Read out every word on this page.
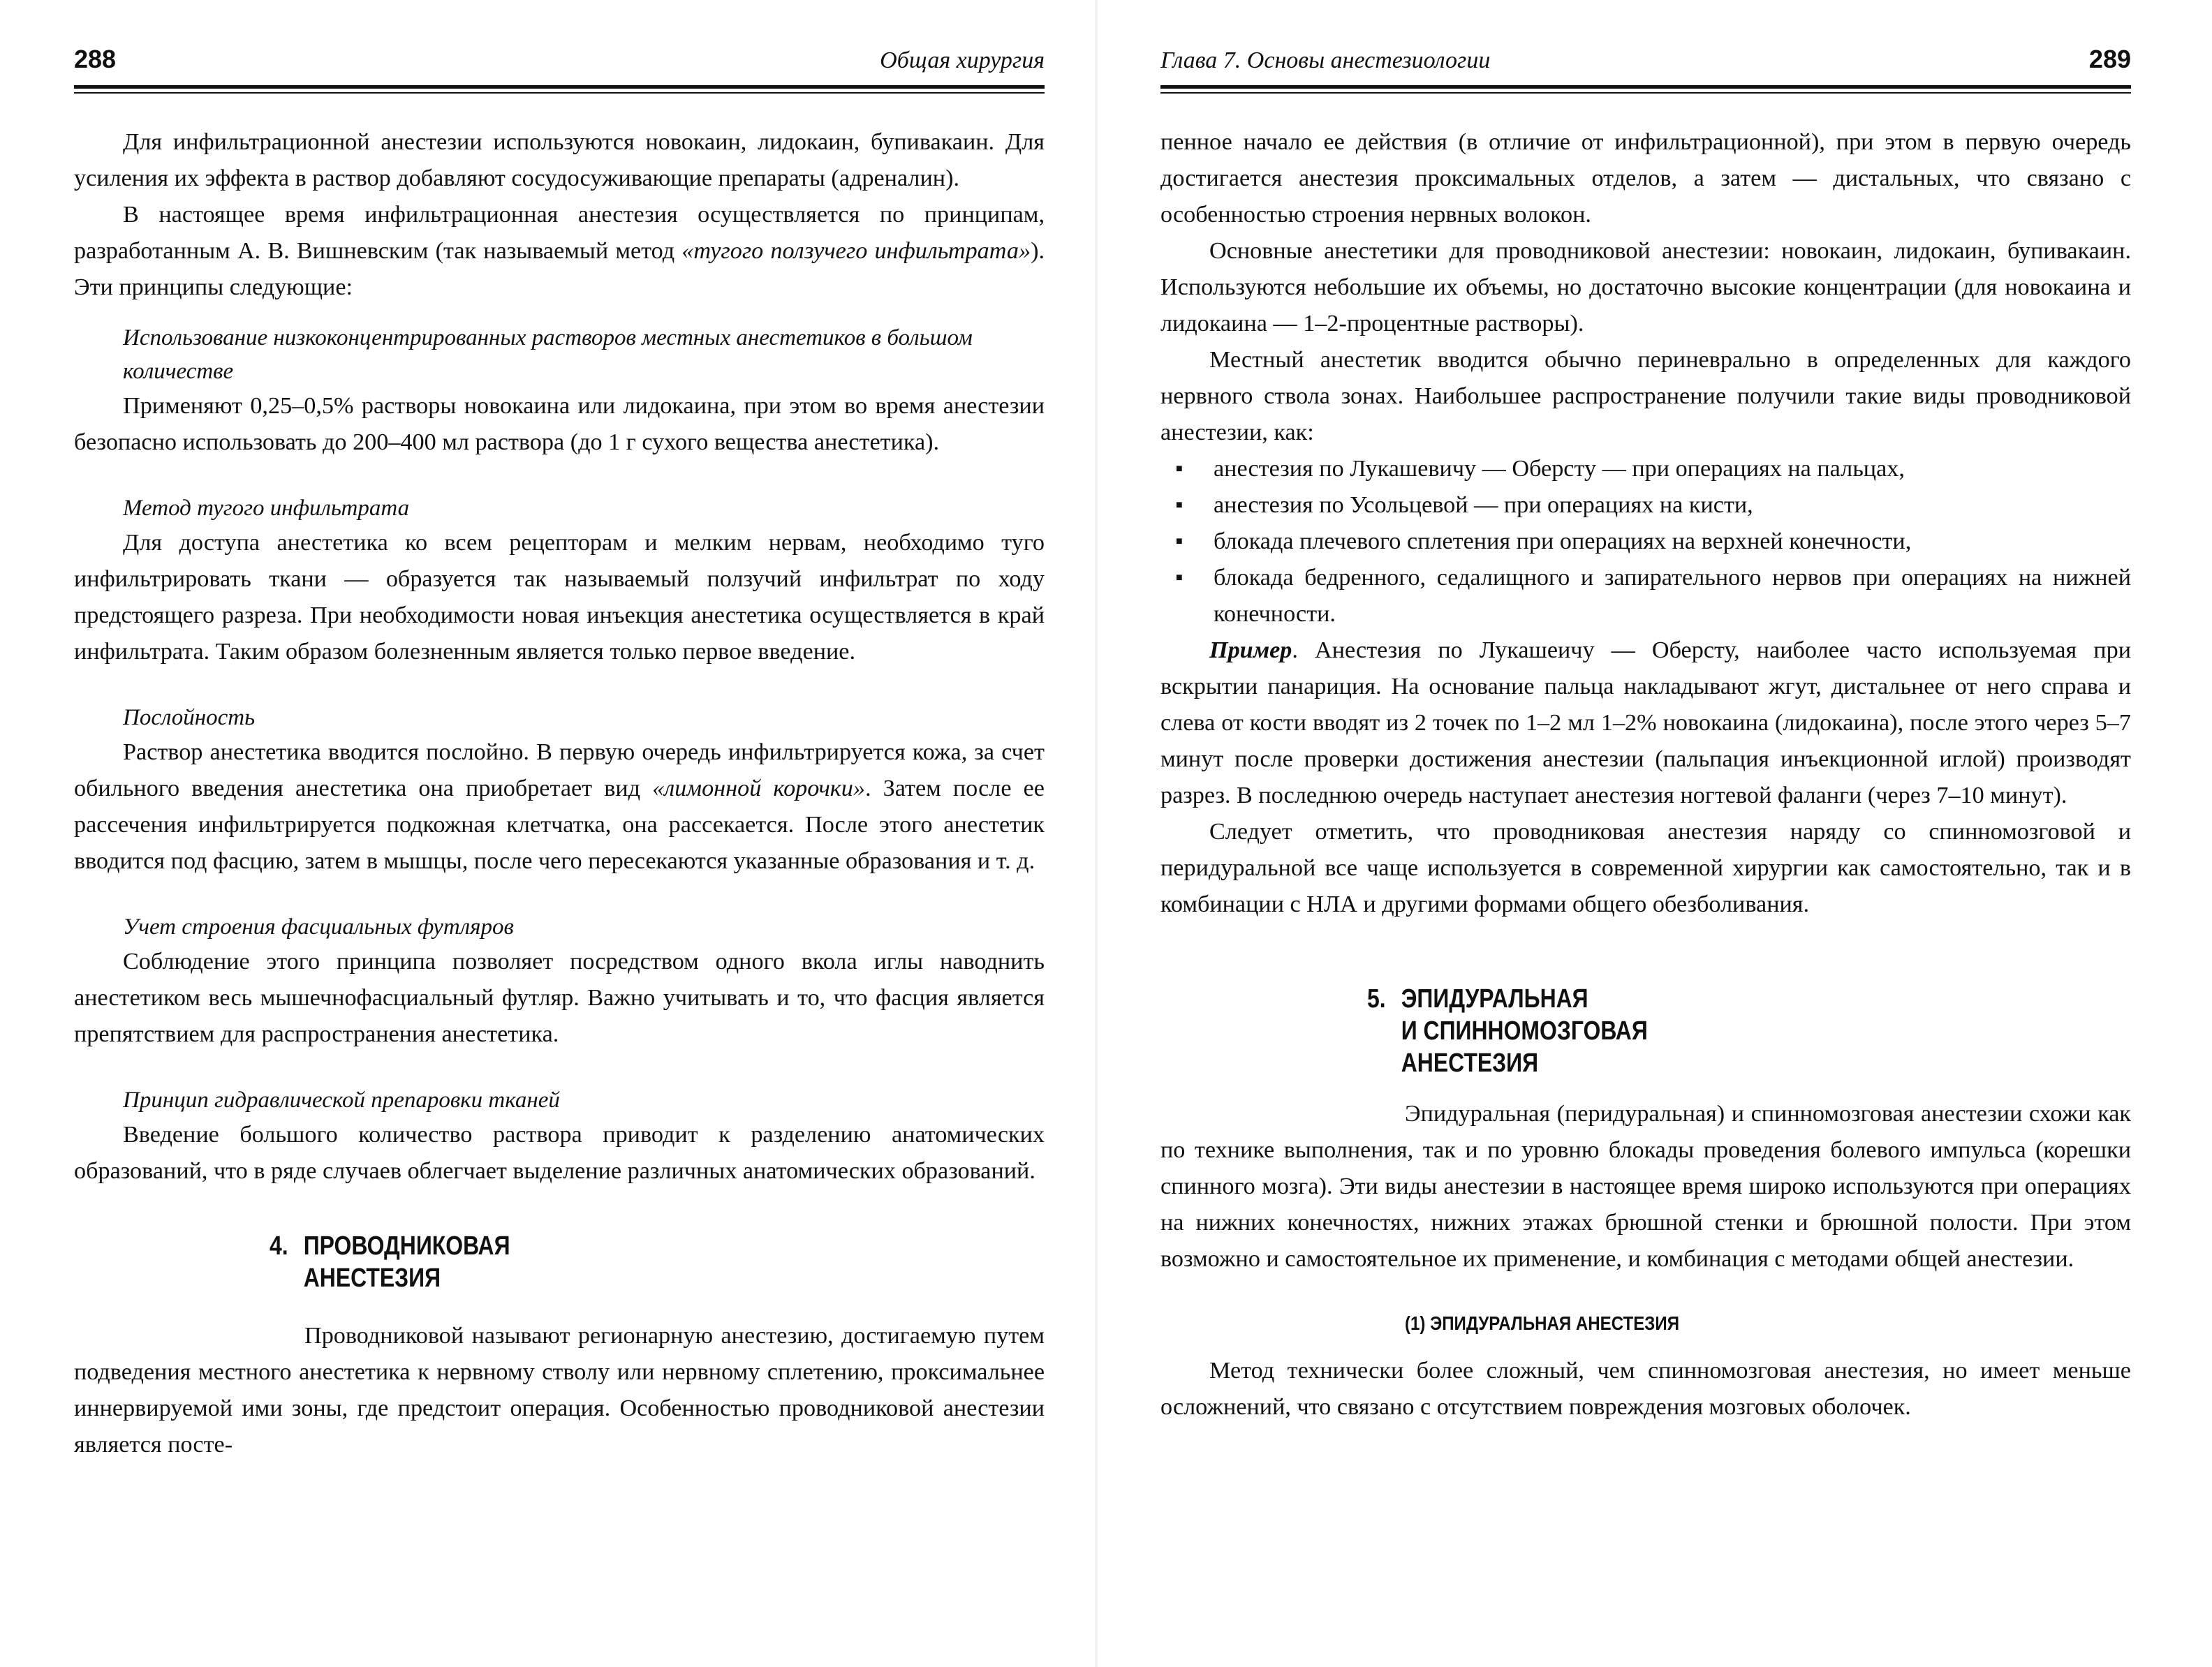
288	Общая хирургия

Для инфильтрационной анестезии используются новокаин, лидокаин, бупивакаин. Для усиления их эффекта в раствор добавляют сосудосуживающие препараты (адреналин).

В настоящее время инфильтрационная анестезия осуществляется по принципам, разработанным А. В. Вишневским (так называемый метод «тугого ползучего инфильтрата»). Эти принципы следующие:

Использование низкоконцентрированных растворов местных анестетиков в большом количестве

Применяют 0,25–0,5% растворы новокаина или лидокаина, при этом во время анестезии безопасно использовать до 200–400 мл раствора (до 1 г сухого вещества анестетика).

Метод тугого инфильтрата

Для доступа анестетика ко всем рецепторам и мелким нервам, необходимо туго инфильтрировать ткани — образуется так называемый ползучий инфильтрат по ходу предстоящего разреза. При необходимости новая инъекция анестетика осуществляется в край инфильтрата. Таким образом болезненным является только первое введение.

Послойность

Раствор анестетика вводится послойно. В первую очередь инфильтрируется кожа, за счет обильного введения анестетика она приобретает вид «лимонной корочки». Затем после ее рассечения инфильтрируется подкожная клетчатка, она рассекается. После этого анестетик вводится под фасцию, затем в мышцы, после чего пересекаются указанные образования и т. д.

Учет строения фасциальных футляров

Соблюдение этого принципа позволяет посредством одного вкола иглы наводнить анестетиком весь мышечнофасциальный футляр. Важно учитывать и то, что фасция является препятствием для распространения анестетика.

Принцип гидравлической препаровки тканей

Введение большого количество раствора приводит к разделению анатомических образований, что в ряде случаев облегчает выделение различных анатомических образований.

4. ПРОВОДНИКОВАЯ
АНЕСТЕЗИЯ

Проводниковой называют регионарную анестезию, достигаемую путем подведения местного анестетика к нервному стволу или нервному сплетению, проксимальнее иннервируемой ими зоны, где предстоит операция. Особенностью проводниковой анестезии является посте-

Глава 7. Основы анестезиологии	289

пенное начало ее действия (в отличие от инфильтрационной), при этом в первую очередь достигается анестезия проксимальных отделов, а затем — дистальных, что связано с особенностью строения нервных волокон.

Основные анестетики для проводниковой анестезии: новокаин, лидокаин, бупивакаин. Используются небольшие их объемы, но достаточно высокие концентрации (для новокаина и лидокаина — 1–2-процентные растворы).

Местный анестетик вводится обычно периневрально в определенных для каждого нервного ствола зонах. Наибольшее распространение получили такие виды проводниковой анестезии, как:

■ анестезия по Лукашевичу — Оберсту — при операциях на пальцах,
■ анестезия по Усольцевой — при операциях на кисти,
■ блокада плечевого сплетения при операциях на верхней конечности,
■ блокада бедренного, седалищного и запирательного нервов при операциях на нижней конечности.

Пример. Анестезия по Лукашеичу — Оберсту, наиболее часто используемая при вскрытии панариция. На основание пальца накладывают жгут, дистальнее от него справа и слева от кости вводят из 2 точек по 1–2 мл 1–2% новокаина (лидокаина), после этого через 5–7 минут после проверки достижения анестезии (пальпация инъекционной иглой) производят разрез. В последнюю очередь наступает анестезия ногтевой фаланги (через 7–10 минут).

Следует отметить, что проводниковая анестезия наряду со спинномозговой и перидуральной все чаще используется в современной хирургии как самостоятельно, так и в комбинации с НЛА и другими формами общего обезболивания.

5. ЭПИДУРАЛЬНАЯ
И СПИННОМОЗГОВАЯ
АНЕСТЕЗИЯ

Эпидуральная (перидуральная) и спинномозговая анестезии схожи как по технике выполнения, так и по уровню блокады проведения болевого импульса (корешки спинного мозга). Эти виды анестезии в настоящее время широко используются при операциях на нижних конечностях, нижних этажах брюшной стенки и брюшной полости. При этом возможно и самостоятельное их применение, и комбинация с методами общей анестезии.

(1) ЭПИДУРАЛЬНАЯ АНЕСТЕЗИЯ

Метод технически более сложный, чем спинномозговая анестезия, но имеет меньше осложнений, что связано с отсутствием повреждения мозговых оболочек.
